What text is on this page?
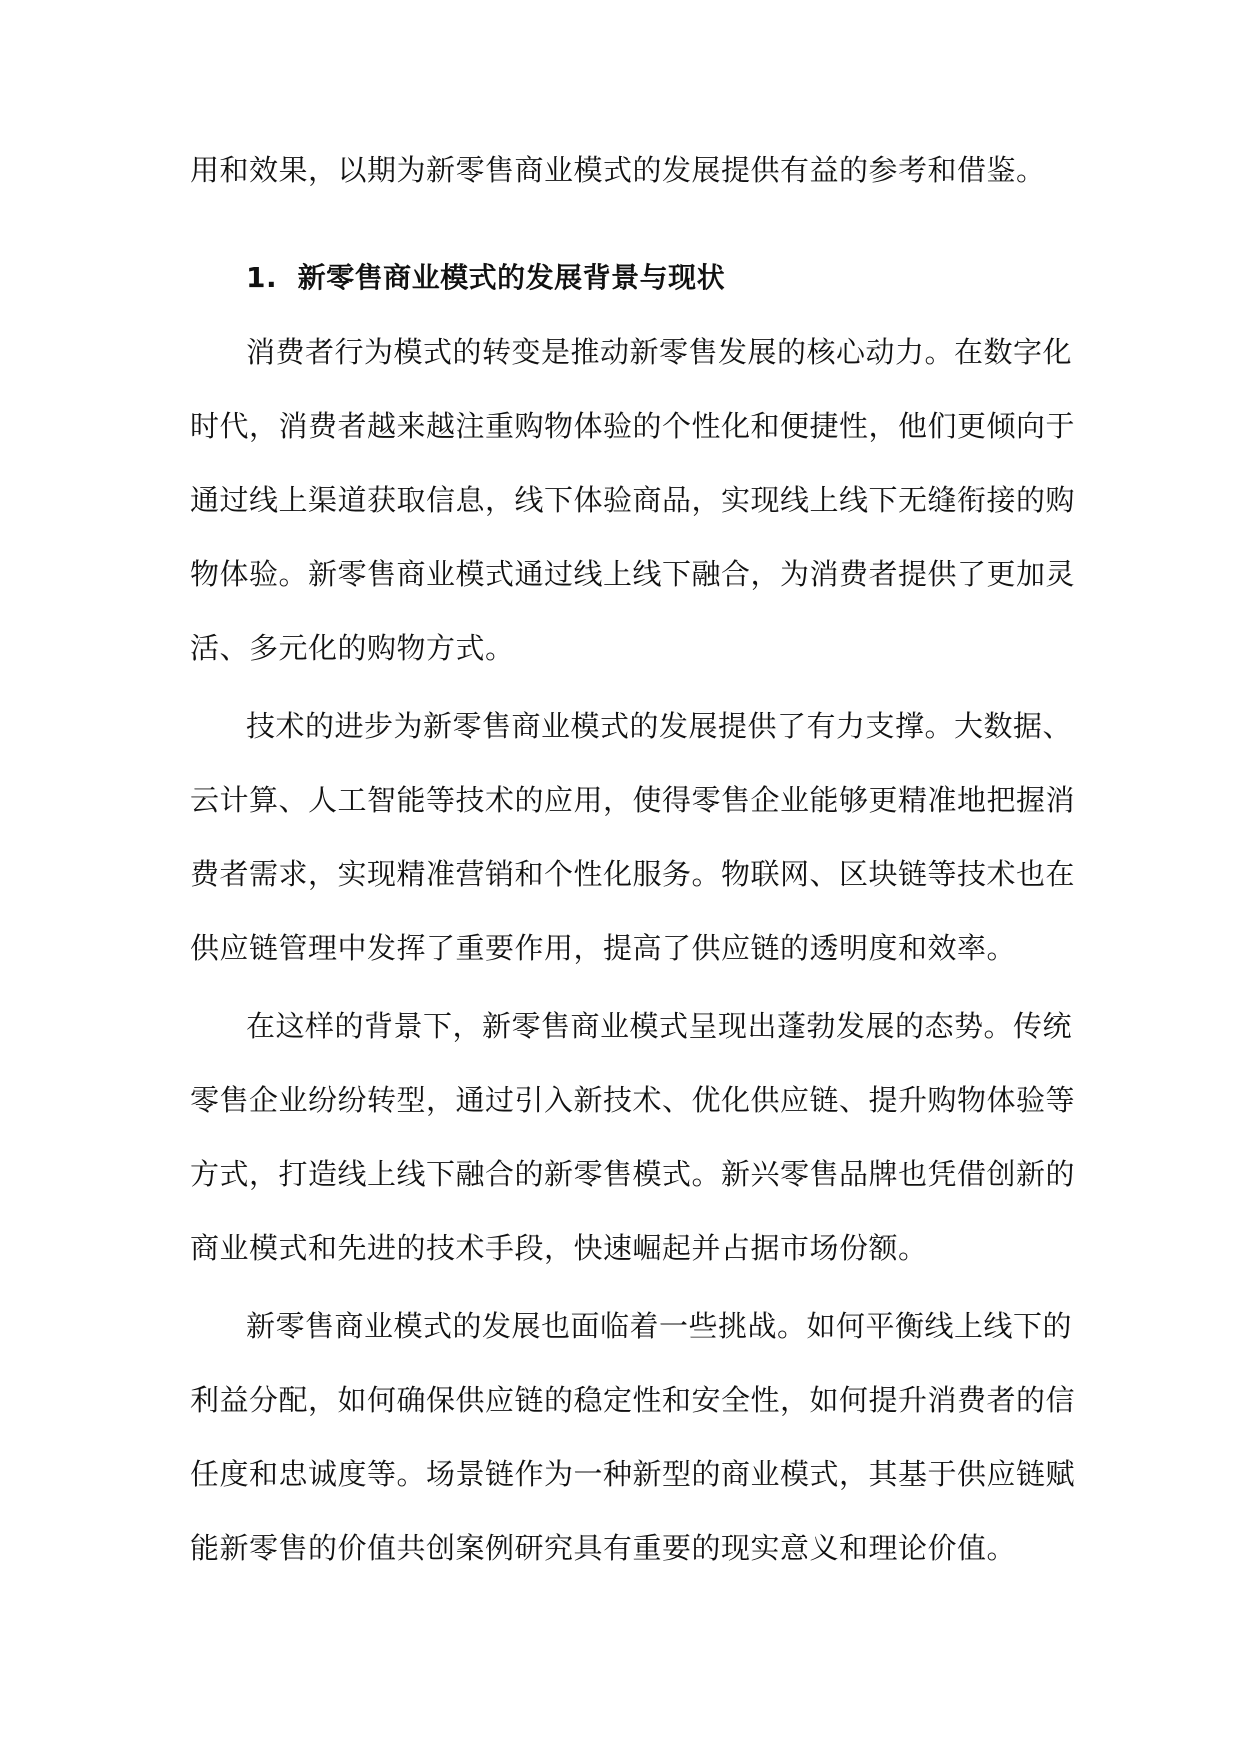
用和效果，以期为新零售商业模式的发展提供有益的参考和借鉴。
1. 新零售商业模式的发展背景与现状
消费者行为模式的转变是推动新零售发展的核心动力。在数字化
时代，消费者越来越注重购物体验的个性化和便捷性，他们更倾向于
通过线上渠道获取信息，线下体验商品，实现线上线下无缝衔接的购
物体验。新零售商业模式通过线上线下融合，为消费者提供了更加灵
活、多元化的购物方式。
技术的进步为新零售商业模式的发展提供了有力支撑。大数据、
云计算、人工智能等技术的应用，使得零售企业能够更精准地把握消
费者需求，实现精准营销和个性化服务。物联网、区块链等技术也在
供应链管理中发挥了重要作用，提高了供应链的透明度和效率。
在这样的背景下，新零售商业模式呈现出蓬勃发展的态势。传统
零售企业纷纷转型，通过引入新技术、优化供应链、提升购物体验等
方式，打造线上线下融合的新零售模式。新兴零售品牌也凭借创新的
商业模式和先进的技术手段，快速崛起并占据市场份额。
新零售商业模式的发展也面临着一些挑战。如何平衡线上线下的
利益分配，如何确保供应链的稳定性和安全性，如何提升消费者的信
任度和忠诚度等。场景链作为一种新型的商业模式，其基于供应链赋
能新零售的价值共创案例研究具有重要的现实意义和理论价值。
